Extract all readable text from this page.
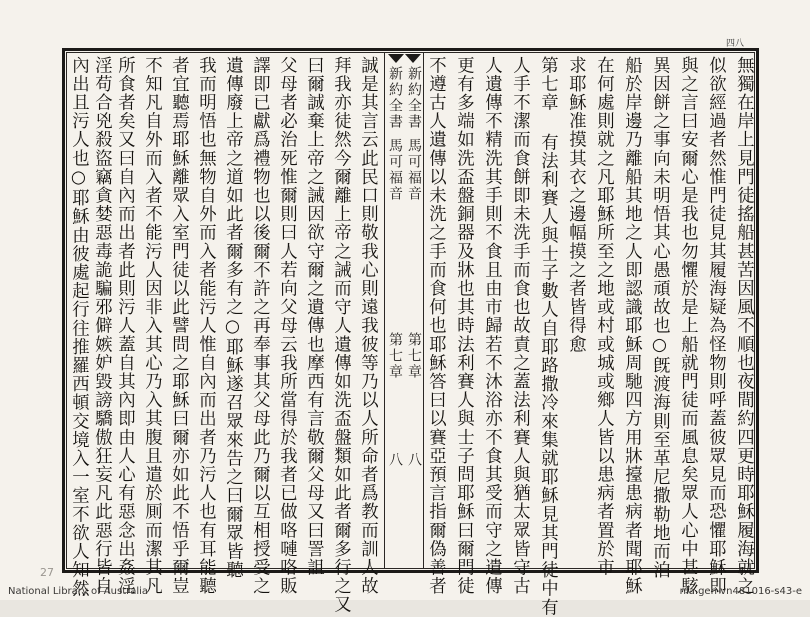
四八
新約全書
馬可福音
第七章
八
新約全書
馬可福音
第七章
八	無獨在岸上見門徒搖船甚苦因風不順也夜間約四更時耶穌履海就之
似欲經過者然惟門徒見其履海疑為怪物則呼蓋彼眾見而恐懼耶穌即
與之言曰安爾心是我也勿懼於是上船就門徒而風息矣眾人心中甚駭
異因餅之事向未明悟其心愚頑故也○旣渡海則至革尼撒勒地而泊
船於岸邊乃離船其地之人即認識耶穌周馳四方用牀擡患病者聞耶穌
在何處則就之凡耶穌所至之地或村或城或鄉人皆以患病者置於市
求耶穌准摸其衣之邊幅摸之者皆得愈
第七章 有法利賽人與士子數人自耶路撒冷來集就耶穌見其門徒中有
人手不潔而食餅即未洗手而食也故責之蓋法利賽人與猶太眾皆守古
人遺傳不精洗其手則不食且由市歸若不沐浴亦不食其受而守之遺傳
更有多端如洗盃盤銅器及牀也其時法利賽人與士子問耶穌曰爾門徒
不遵古人遺傳以未洗之手而食何也耶穌答曰以賽亞預言指爾偽善者
誠是其言云此民口則敬我心則遠我彼等乃以人所命者爲教而訓人故
拜我亦徒然今爾離上帝之誡而守人遺傳如洗盃盤類如此者爾多行之又
曰爾誠棄上帝之誡因欲守爾之遺傳也摩西有言敬爾父母又曰詈詛
父母者必治死惟爾則曰人若向父母云我所當得於我者已做咯嗹咯販
譯即已獻爲禮物也以後爾不許之再奉事其父母此乃爾以互相授受之
遺傳廢上帝之道如此者爾多有之○耶穌遂召眾來告之曰爾眾皆聽
我而明悟也無物自外而入者能污人惟自內而出者乃污人也有耳能聽
者宜聽焉耶穌離眾入室門徒以此譬問之耶穌曰爾亦如此不悟乎爾豈
不知凡自外而入者不能污人因非入其心乃入其腹且遣於厠而潔其凡
所食者矣又曰自內而出者此則污人蓋自其內即由人心有惡念出姦淫
淫苟合兇殺盜竊貪婪惡毒詭騙邪僻嫉妒毀謗驕傲狂妄凡此惡行皆自
內出且污人也○耶穌由彼處起行往推羅西頓交境入一室不欲人知然
27
National Library of Australia	nla.gen-vn481016-s43-e
